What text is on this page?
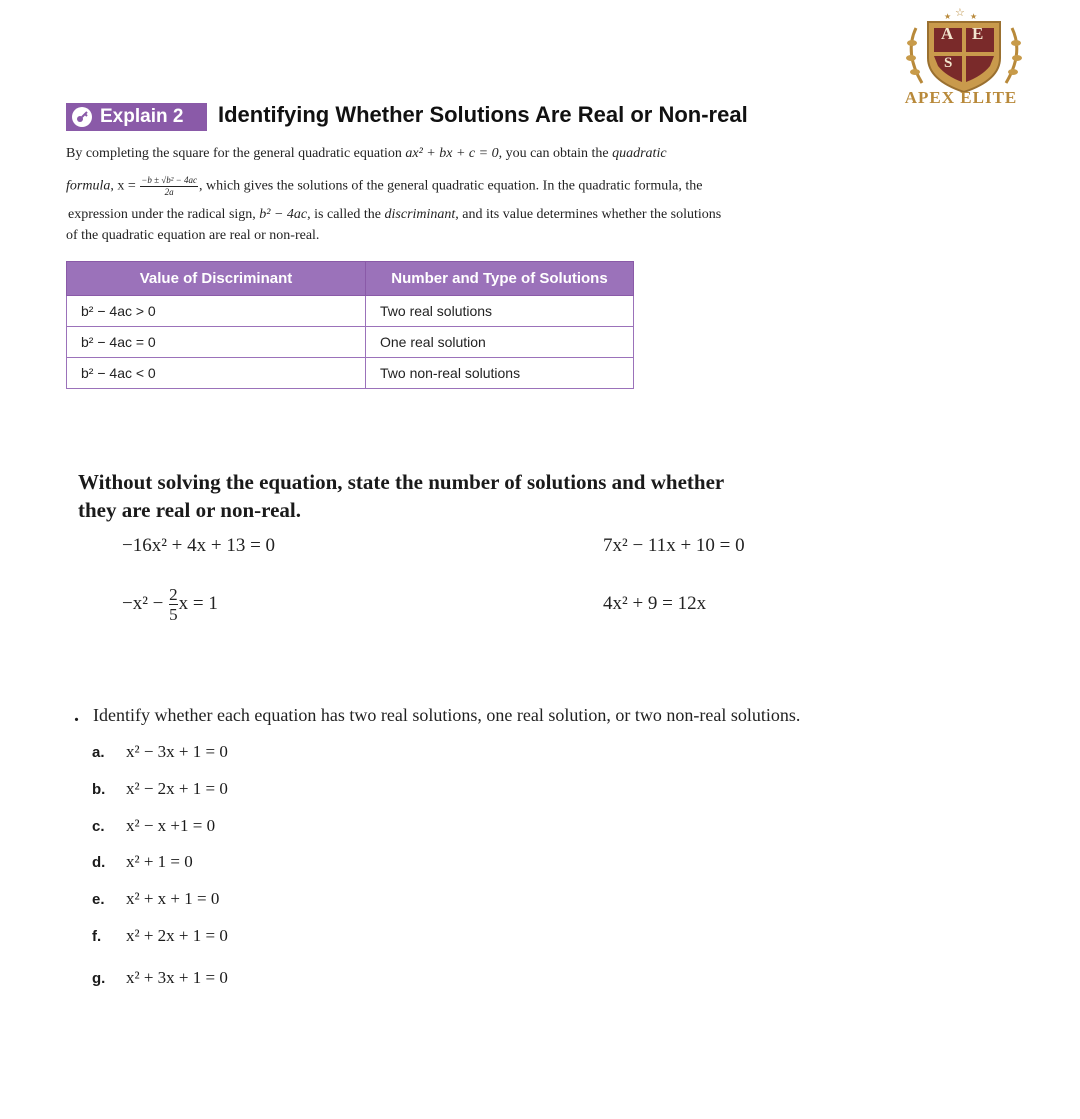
★ ☆ ★
A E
S
APEX ELITE
Explain 2 Identifying Whether Solutions Are Real or Non-real
By completing the square for the general quadratic equation ax² + bx + c = 0, you can obtain the quadratic
formula, $x = \frac{\text{−b ± √b² − 4ac}}{2a}$ , which gives the solutions of the general quadratic equation. In the quadratic formula, the
expression under the radical sign, b² − 4ac, is called the discriminant, and its value determines whether the solutions
of the quadratic equation are real or non-real.
Value of Discriminant	Number and Type of Solutions
b² − 4ac > 0	Two real solutions
b² − 4ac = 0	One real solution
b² − 4ac < 0	Two non-real solutions
Without solving the equation, state the number of solutions and whether
they are real or non-real.
−16x² + 4x + 13 = 0	7x² − 11x + 10 = 0
$-x^2 - \frac{2}{5}$ x = 1	4x² + 9 = 12x
. Identify whether each equation has two real solutions, one real solution, or two non-real solutions.
a. x² − 3x + 1 = 0
b. x² − 2x + 1 = 0
c. x² − x +1 = 0
d. x² + 1 = 0
e. x² + x + 1 = 0
f. x² + 2x + 1 = 0
g. x² + 3x + 1 = 0
